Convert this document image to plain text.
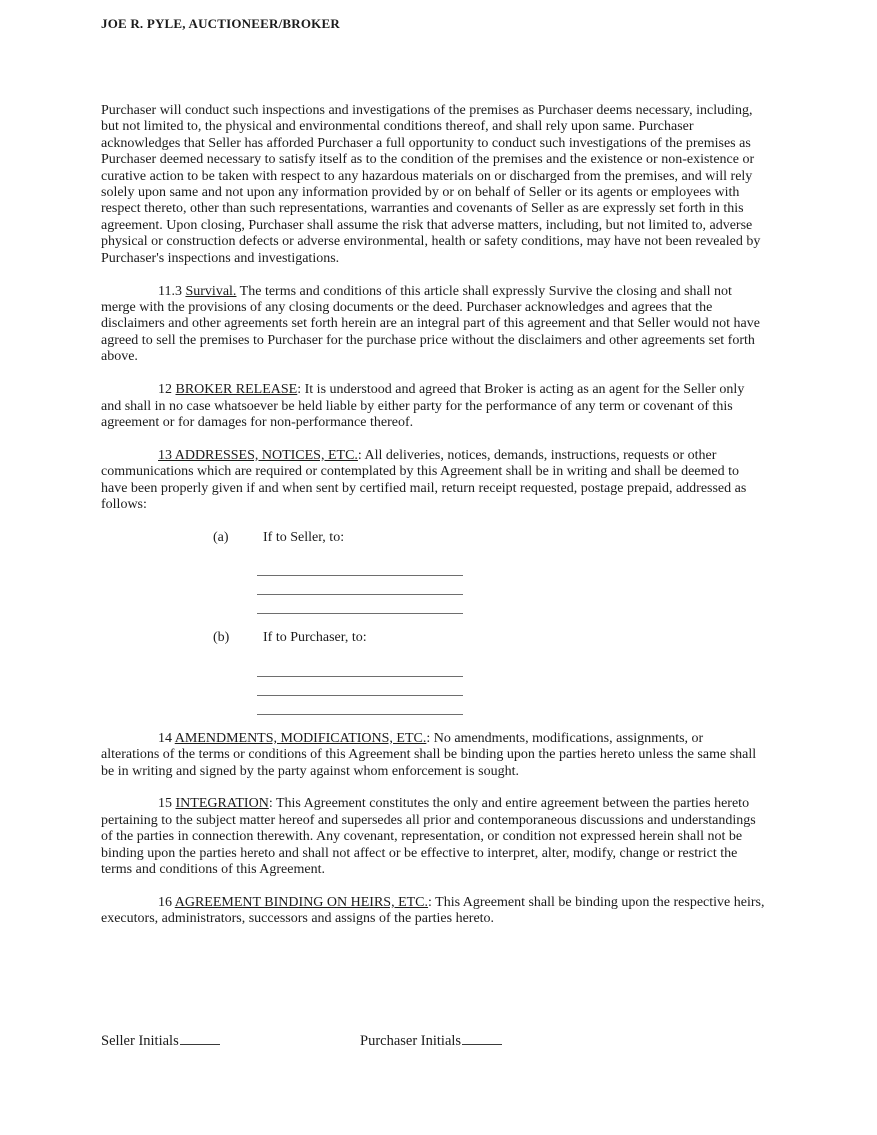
JOE R. PYLE, AUCTIONEER/BROKER

Purchaser will conduct such inspections and investigations of the premises as Purchaser deems necessary, including, but not limited to, the physical and environmental conditions thereof, and shall rely upon same. Purchaser acknowledges that Seller has afforded Purchaser a full opportunity to conduct such investigations of the premises as Purchaser deemed necessary to satisfy itself as to the condition of the premises and the existence or non-existence or curative action to be taken with respect to any hazardous materials on or discharged from the premises, and will rely solely upon same and not upon any information provided by or on behalf of Seller or its agents or employees with respect thereto, other than such representations, warranties and covenants of Seller as are expressly set forth in this agreement. Upon closing, Purchaser shall assume the risk that adverse matters, including, but not limited to, adverse physical or construction defects or adverse environmental, health or safety conditions, may have not been revealed by Purchaser's inspections and investigations.

11.3 Survival. The terms and conditions of this article shall expressly Survive the closing and shall not merge with the provisions of any closing documents or the deed. Purchaser acknowledges and agrees that the disclaimers and other agreements set forth herein are an integral part of this agreement and that Seller would not have agreed to sell the premises to Purchaser for the purchase price without the disclaimers and other agreements set forth above.

12 BROKER RELEASE: It is understood and agreed that Broker is acting as an agent for the Seller only and shall in no case whatsoever be held liable by either party for the performance of any term or covenant of this agreement or for damages for non-performance thereof.

13 ADDRESSES, NOTICES, ETC.: All deliveries, notices, demands, instructions, requests or other communications which are required or contemplated by this Agreement shall be in writing and shall be deemed to have been properly given if and when sent by certified mail, return receipt requested, postage prepaid, addressed as follows:

(a)	If to Seller, to:
(b)	If to Purchaser, to:

14 AMENDMENTS, MODIFICATIONS, ETC.: No amendments, modifications, assignments, or alterations of the terms or conditions of this Agreement shall be binding upon the parties hereto unless the same shall be in writing and signed by the party against whom enforcement is sought.

15 INTEGRATION: This Agreement constitutes the only and entire agreement between the parties hereto pertaining to the subject matter hereof and supersedes all prior and contemporaneous discussions and understandings of the parties in connection therewith. Any covenant, representation, or condition not expressed herein shall not be binding upon the parties hereto and shall not affect or be effective to interpret, alter, modify, change or restrict the terms and conditions of this Agreement.

16 AGREEMENT BINDING ON HEIRS, ETC.: This Agreement shall be binding upon the respective heirs, executors, administrators, successors and assigns of the parties hereto.

Seller Initials	Purchaser Initials
